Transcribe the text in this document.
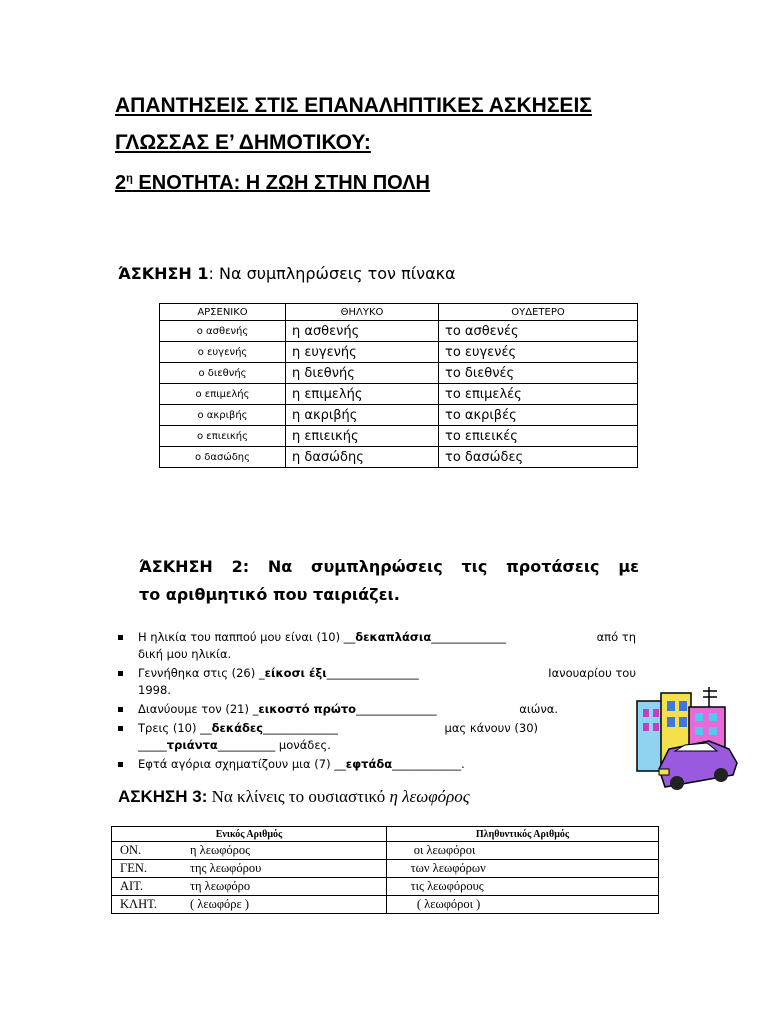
ΑΠΑΝΤΗΣΕΙΣ ΣΤΙΣ ΕΠΑΝΑΛΗΠΤΙΚΕΣ ΑΣΚΗΣΕΙΣ
ΓΛΩΣΣΑΣ Ε’ ΔΗΜΟΤΙΚΟΥ:
$2^\eta$ ΕΝΟΤΗΤΑ: Η ΖΩΗ ΣΤΗΝ ΠΟΛΗ
ΆΣΚΗΣΗ 1: Να συμπληρώσεις τον πίνακα
ΑΡΣΕΝΙΚΟ	ΘΗΛΥΚΟ	ΟΥΔΕΤΕΡΟ
ο ασθενής	η ασθενής	το ασθενές
ο ευγενής	η ευγενής	το ευγενές
ο διεθνής	η διεθνής	το διεθνές
ο επιμελής	η επιμελής	το επιμελές
ο ακριβής	η ακριβής	το ακριβές
ο επιεικής	η επιεικής	το επιεικές
ο δασώδης	η δασώδης	το δασώδες
ΆΣΚΗΣΗ 2: Να συμπληρώσεις τις προτάσεις με
το αριθμητικό που ταιριάζει.
Η ηλικία του παππού μου είναι (10) __δεκαπλάσια_____________	από τη
δική μου ηλικία.
Γεννήθηκα στις (26) _είκοσι έξι________________	Ιανουαρίου του
1998.
Διανύουμε τον (21) _εικοστό πρώτο______________	αιώνα.
Τρεις (10) __δεκάδες_____________	μας κάνουν (30)
_____τριάντα__________ μονάδες.
Εφτά αγόρια σχηματίζουν μια (7) __εφτάδα____________.
ΑΣΚΗΣΗ 3: Να κλίνεις το ουσιαστικό η λεωφόρος
Ενικός Αριθμός	Πληθυντικός Αριθμός
ΟΝ. η λεωφόρος	οι λεωφόροι
ΓΕΝ. της λεωφόρου	των λεωφόρων
ΑΙΤ. τη λεωφόρο	τις λεωφόρους
ΚΛΗΤ. ( λεωφόρε )	( λεωφόροι )
